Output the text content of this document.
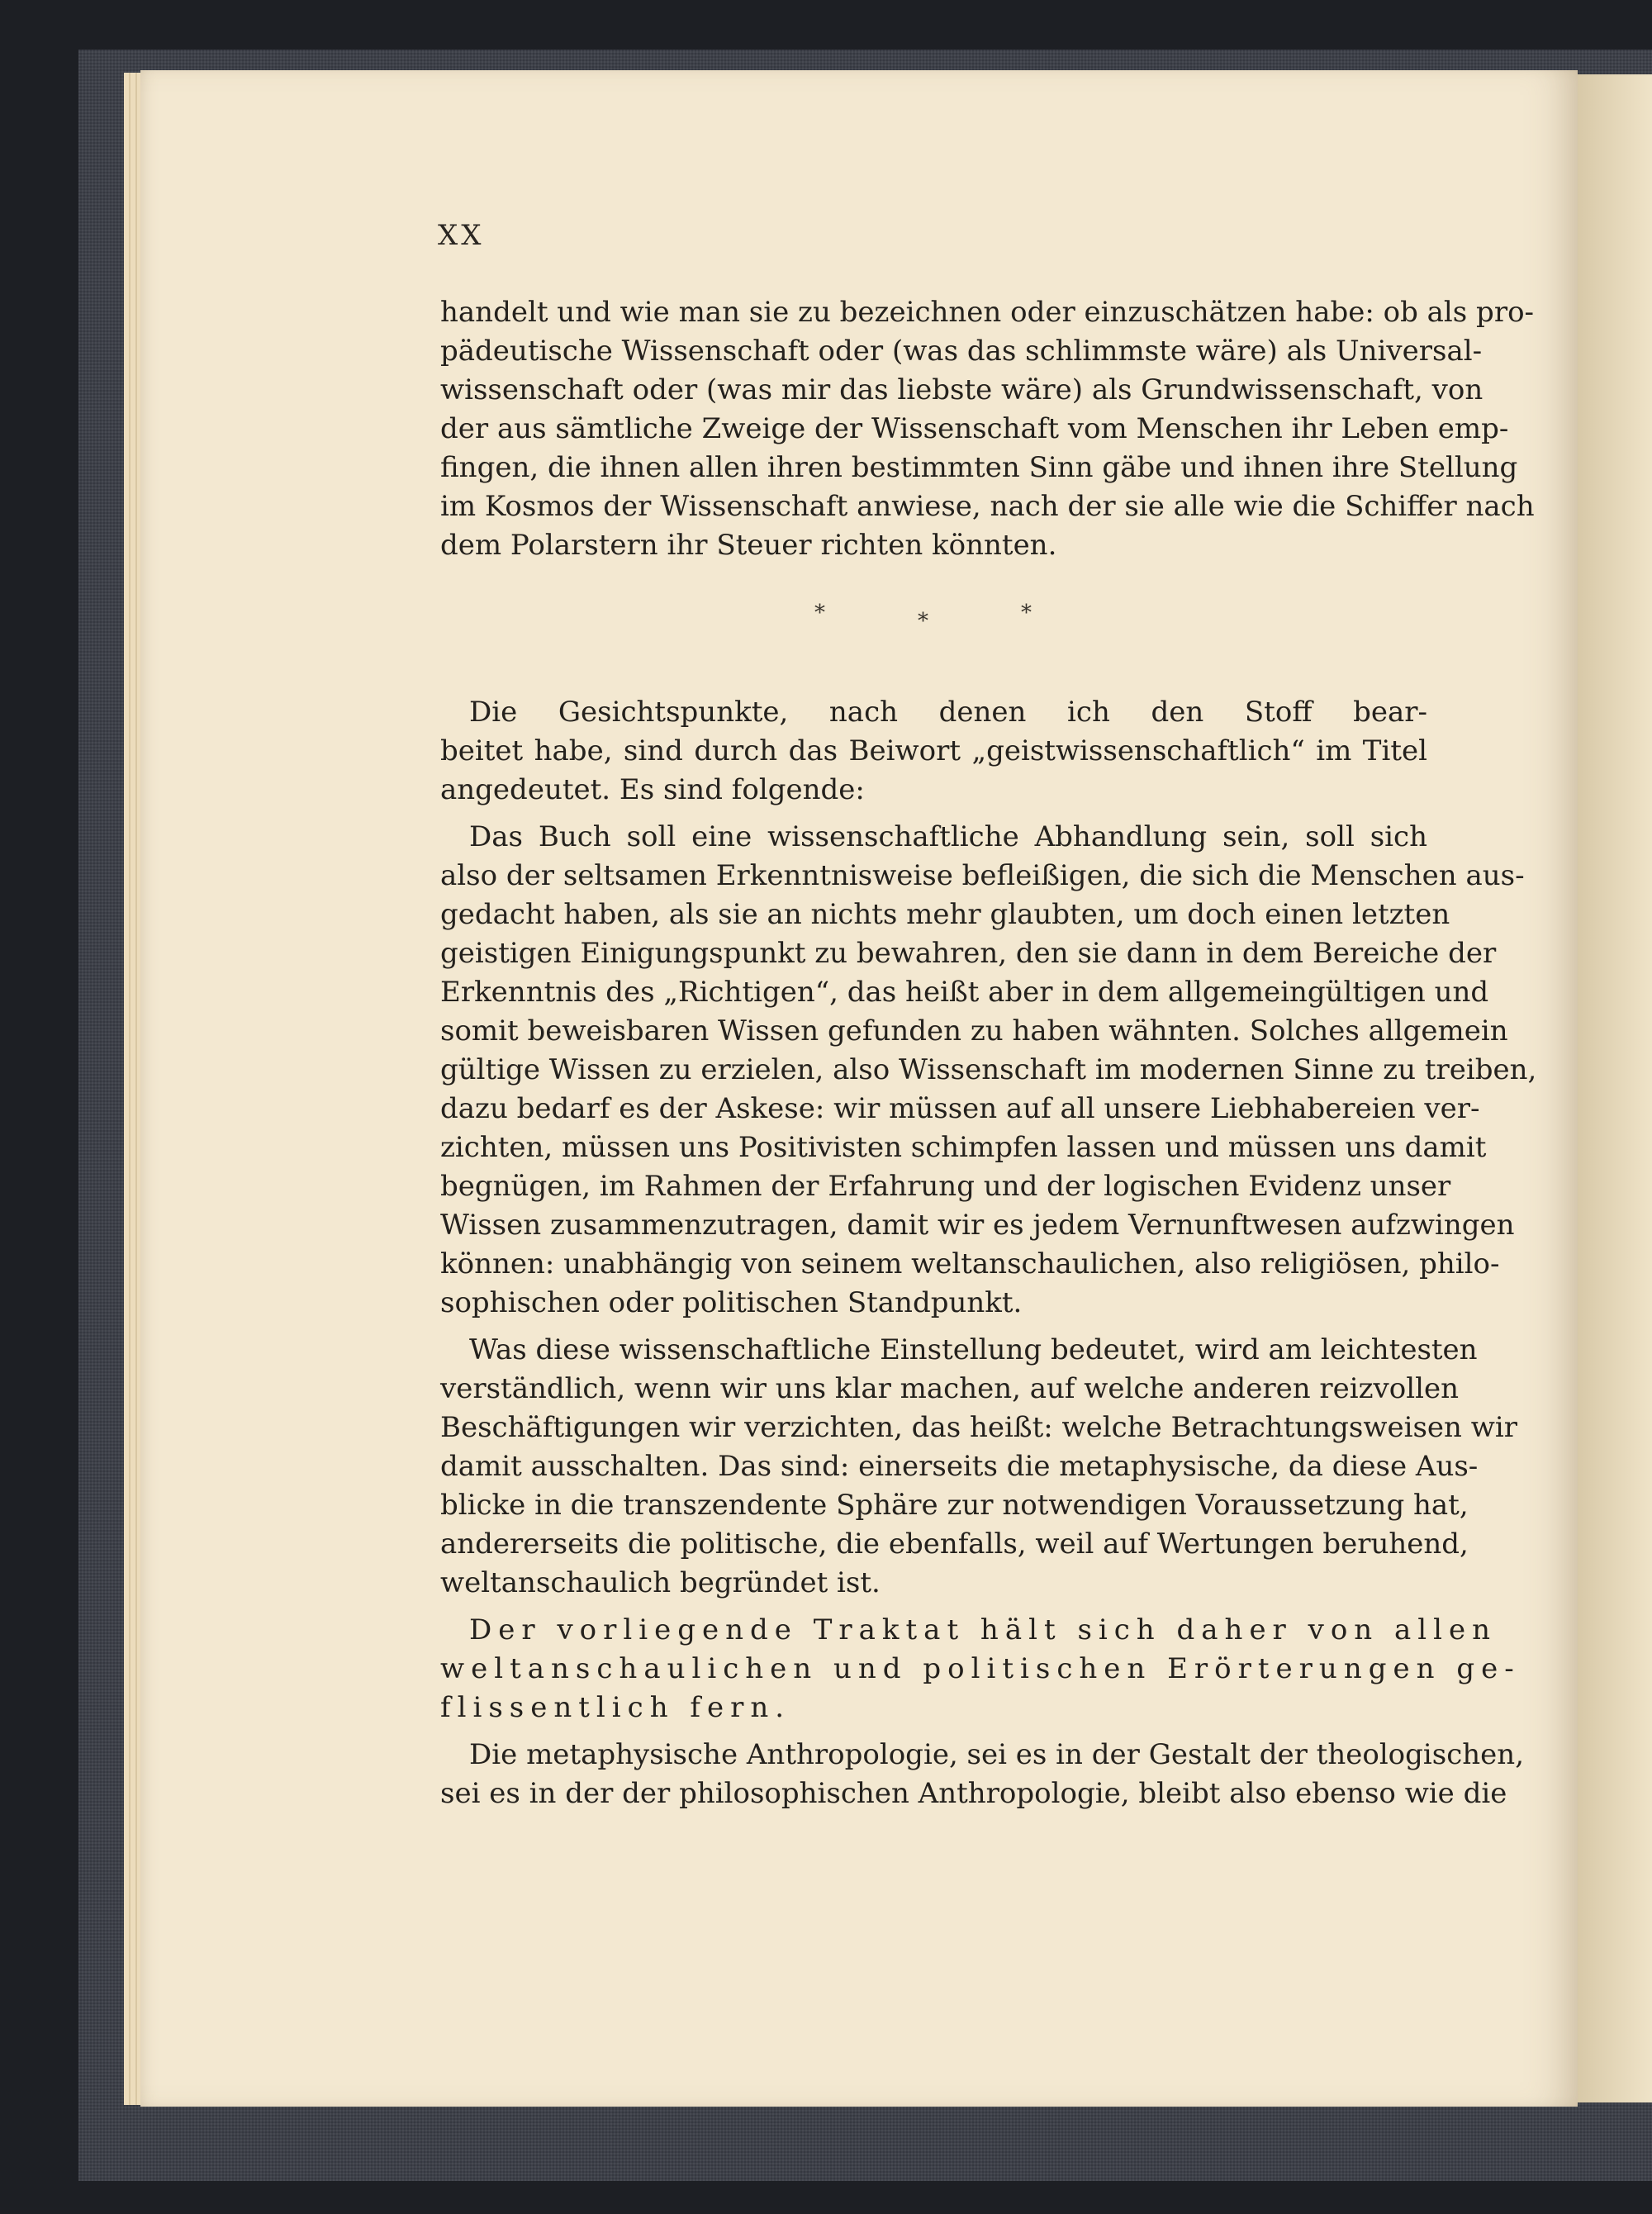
XX
handelt und wie man sie zu bezeichnen oder einzuschätzen habe: ob als pro-
pädeutische Wissenschaft oder (was das schlimmste wäre) als Universal-
wissenschaft oder (was mir das liebste wäre) als Grundwissenschaft, von
der aus sämtliche Zweige der Wissenschaft vom Menschen ihr Leben emp-
fingen, die ihnen allen ihren bestimmten Sinn gäbe und ihnen ihre Stellung
im Kosmos der Wissenschaft anwiese, nach der sie alle wie die Schiffer nach
dem Polarstern ihr Steuer richten könnten.
*	*	*
Die Gesichtspunkte, nach denen ich den Stoff bear-
beitet habe, sind durch das Beiwort „geistwissenschaftlich“ im Titel
angedeutet. Es sind folgende:
Das Buch soll eine wissenschaftliche Abhandlung sein, soll sich
also der seltsamen Erkenntnisweise befleißigen, die sich die Menschen aus-
gedacht haben, als sie an nichts mehr glaubten, um doch einen letzten
geistigen Einigungspunkt zu bewahren, den sie dann in dem Bereiche der
Erkenntnis des „Richtigen“, das heißt aber in dem allgemeingültigen und
somit beweisbaren Wissen gefunden zu haben wähnten. Solches allgemein
gültige Wissen zu erzielen, also Wissenschaft im modernen Sinne zu treiben,
dazu bedarf es der Askese: wir müssen auf all unsere Liebhabereien ver-
zichten, müssen uns Positivisten schimpfen lassen und müssen uns damit
begnügen, im Rahmen der Erfahrung und der logischen Evidenz unser
Wissen zusammenzutragen, damit wir es jedem Vernunftwesen aufzwingen
können: unabhängig von seinem weltanschaulichen, also religiösen, philo-
sophischen oder politischen Standpunkt.
Was diese wissenschaftliche Einstellung bedeutet, wird am leichtesten
verständlich, wenn wir uns klar machen, auf welche anderen reizvollen
Beschäftigungen wir verzichten, das heißt: welche Betrachtungsweisen wir
damit ausschalten. Das sind: einerseits die metaphysische, da diese Aus-
blicke in die transzendente Sphäre zur notwendigen Voraussetzung hat,
andererseits die politische, die ebenfalls, weil auf Wertungen beruhend,
weltanschaulich begründet ist.
Der vorliegende Traktat hält sich daher von allen
weltanschaulichen und politischen Erörterungen ge-
flissentlich fern.
Die metaphysische Anthropologie, sei es in der Gestalt der theologischen,
sei es in der der philosophischen Anthropologie, bleibt also ebenso wie die
